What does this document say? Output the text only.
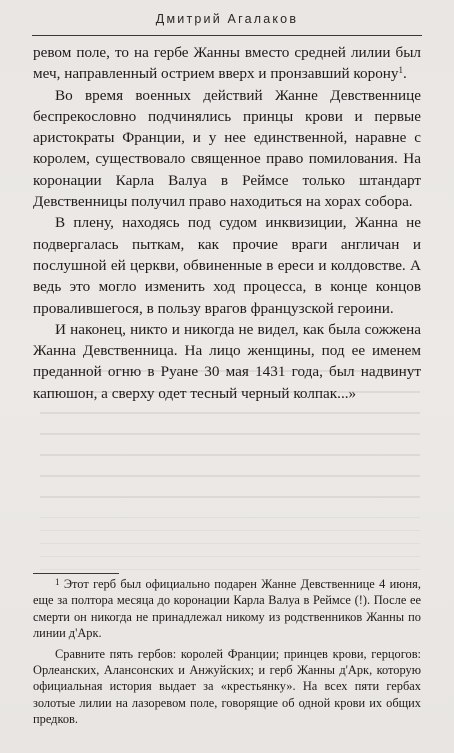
Дмитрий Агалаков

ревом поле, то на гербе Жанны вместо средней лилии был меч, направленный острием вверх и пронзавший корону$^1$.

Во время военных действий Жанне Девственнице беспрекословно подчинялись принцы крови и первые аристократы Франции, и у нее единственной, наравне с королем, существовало священное право помилования. На коронации Карла Валуа в Реймсе только штандарт Девственницы получил право находиться на хорах собора.

В плену, находясь под судом инквизиции, Жанна не подвергалась пыткам, как прочие враги англичан и послушной ей церкви, обвиненные в ереси и колдовстве. А ведь это могло изменить ход процесса, в конце концов провалившегося, в пользу врагов французской героини.

И наконец, никто и никогда не видел, как была сожжена Жанна Девственница. На лицо женщины, под ее именем преданной огню в Руане 30 мая 1431 года, был надвинут капюшон, а сверху одет тесный черный колпак...»

$^1$ Этот герб был официально подарен Жанне Девственнице 4 июня, еще за полтора месяца до коронации Карла Валуа в Реймсе (!). После ее смерти он никогда не принадлежал никому из родственников Жанны по линии д'Арк.

Сравните пять гербов: королей Франции; принцев крови, герцогов: Орлеанских, Алансонских и Анжуйских; и герб Жанны д'Арк, которую официальная история выдает за «крестьянку». На всех пяти гербах золотые лилии на лазоревом поле, говорящие об одной крови их общих предков.
